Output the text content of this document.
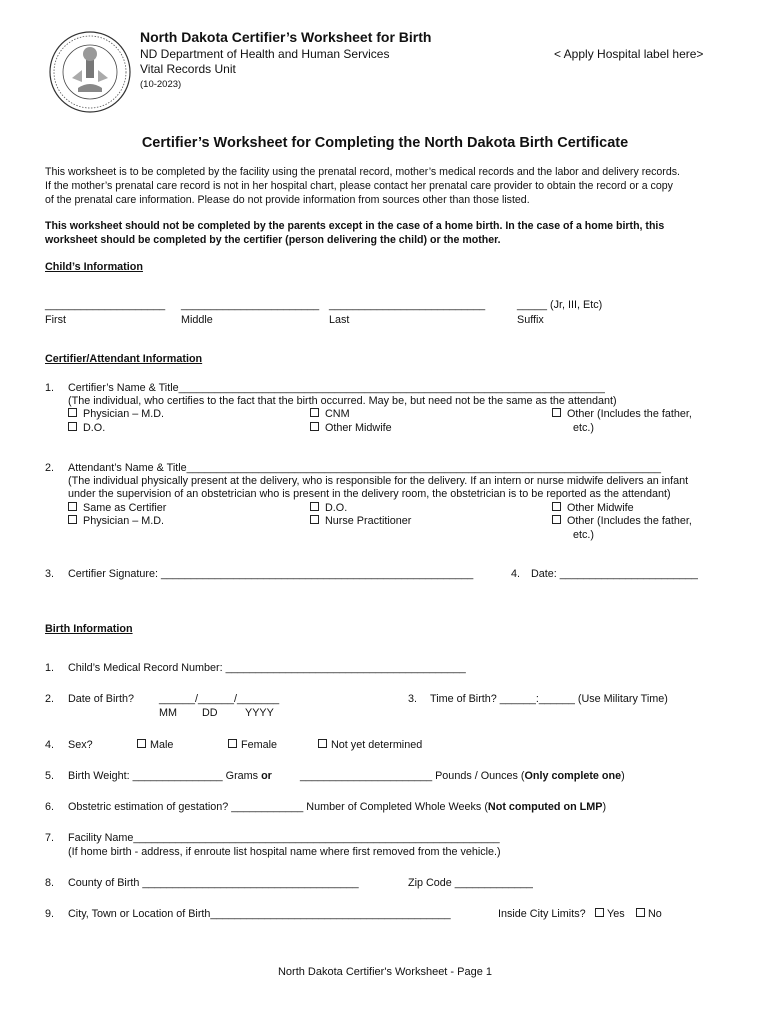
North Dakota Certifier’s Worksheet for Birth
ND Department of Health and Human Services
Vital Records Unit
(10-2023)
< Apply Hospital label here>
Certifier’s Worksheet for Completing the North Dakota Birth Certificate
This worksheet is to be completed by the facility using the prenatal record, mother’s medical records and the labor and delivery records.
If the mother’s prenatal care record is not in her hospital chart, please contact her prenatal care provider to obtain the record or a copy
of the prenatal care information. Please do not provide information from sources other than those listed.
This worksheet should not be completed by the parents except in the case of a home birth. In the case of a home birth, this
worksheet should be completed by the certifier (person delivering the child) or the mother.
Child’s Information
____________________ _______________________ __________________________	_____ (Jr, III, Etc)
First	Middle	Last	Suffix
Certifier/Attendant Information
1. Certifier’s Name & Title_______________________________________________________________________
(The individual, who certifies to the fact that the birth occurred. May be, but need not be the same as the attendant)
Physician – M.D.
D.O.
CNM
Other Midwife
Other (Includes the father,
etc.)
2. Attendant’s Name & Title_______________________________________________________________________________
(The individual physically present at the delivery, who is responsible for the delivery. If an intern or nurse midwife delivers an infant
under the supervision of an obstetrician who is present in the delivery room, the obstetrician is to be reported as the attendant)
Same as Certifier
Physician – M.D.
D.O.
Nurse Practitioner
Other Midwife
Other (Includes the father,
etc.)
3. Certifier Signature: ____________________________________________________	4. Date: _______________________
Birth Information
1. Child’s Medical Record Number: ________________________________________
2. Date of Birth? ______/______/_______
MM DD	YYYY
3. Time of Birth? ______:______ (Use Military Time)
4. Sex?	Male	Female	Not yet determined
5. Birth Weight: _______________ Grams or	______________________ Pounds / Ounces (Only complete one)
6. Obstetric estimation of gestation? ____________ Number of Completed Whole Weeks (Not computed on LMP)
7. Facility Name_____________________________________________________________
(If home birth - address, if enroute list hospital name where first removed from the vehicle.)
8. County of Birth ____________________________________	Zip Code _____________
9. City, Town or Location of Birth________________________________________	Inside City Limits?	Yes	No
North Dakota Certifier's Worksheet - Page 1
